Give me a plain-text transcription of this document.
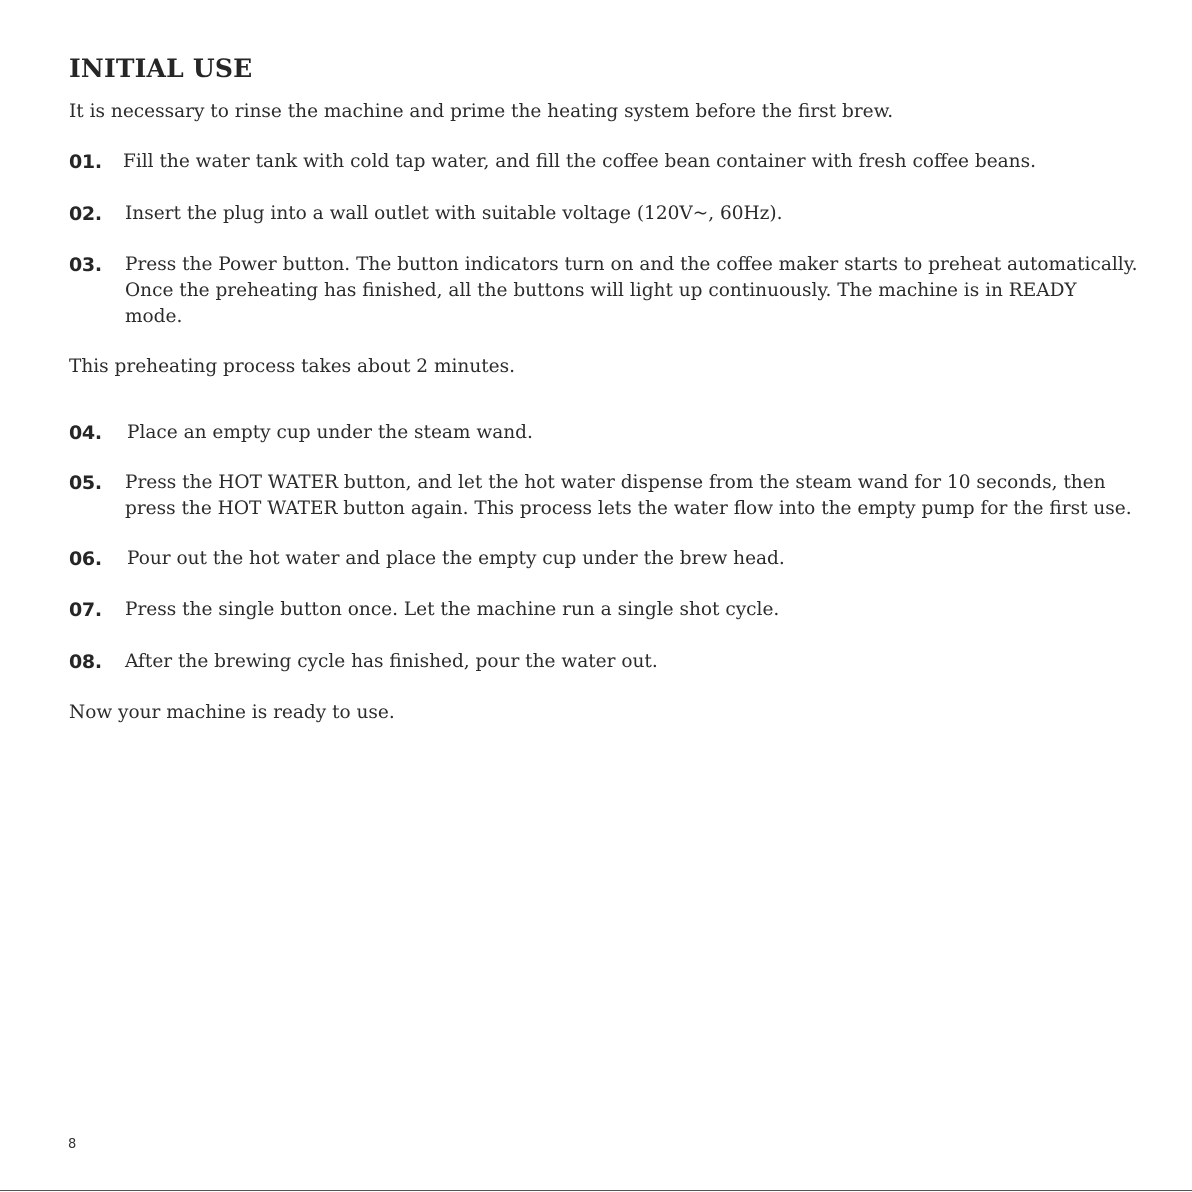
INITIAL USE
It is necessary to rinse the machine and prime the heating system before the first brew.
01. Fill the water tank with cold tap water, and fill the coffee bean container with fresh coffee beans.
02. Insert the plug into a wall outlet with suitable voltage (120V~, 60Hz).
03. Press the Power button. The button indicators turn on and the coffee maker starts to preheat automatically.
Once the preheating has finished, all the buttons will light up continuously. The machine is in READY
mode.
This preheating process takes about 2 minutes.
04. Place an empty cup under the steam wand.
05. Press the HOT WATER button, and let the hot water dispense from the steam wand for 10 seconds, then
press the HOT WATER button again. This process lets the water flow into the empty pump for the first use.
06. Pour out the hot water and place the empty cup under the brew head.
07. Press the single button once. Let the machine run a single shot cycle.
08. After the brewing cycle has finished, pour the water out.
Now your machine is ready to use.
8
